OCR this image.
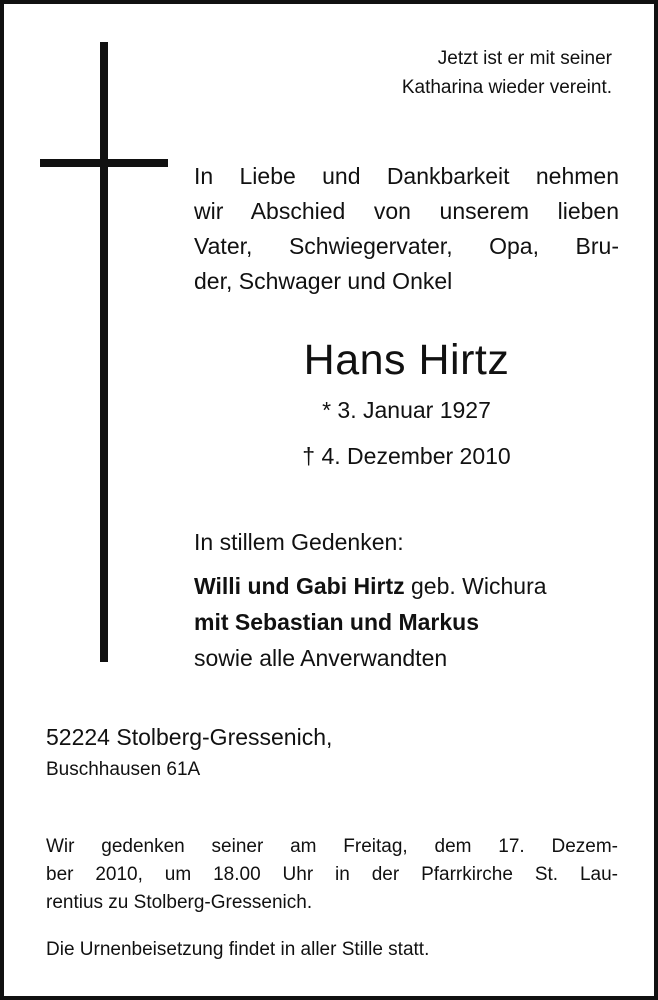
Jetzt ist er mit seiner
Katharina wieder vereint.
In Liebe und Dankbarkeit nehmen
wir Abschied von unserem lieben
Vater, Schwiegervater, Opa, Bru-
der, Schwager und Onkel
Hans Hirtz
* 3. Januar 1927
† 4. Dezember 2010
In stillem Gedenken:
Willi und Gabi Hirtz geb. Wichura
mit Sebastian und Markus
sowie alle Anverwandten
52224 Stolberg-Gressenich,
Buschhausen 61A
Wir gedenken seiner am Freitag, dem 17. Dezem-
ber 2010, um 18.00 Uhr in der Pfarrkirche St. Lau-
rentius zu Stolberg-Gressenich.
Die Urnenbeisetzung findet in aller Stille statt.
